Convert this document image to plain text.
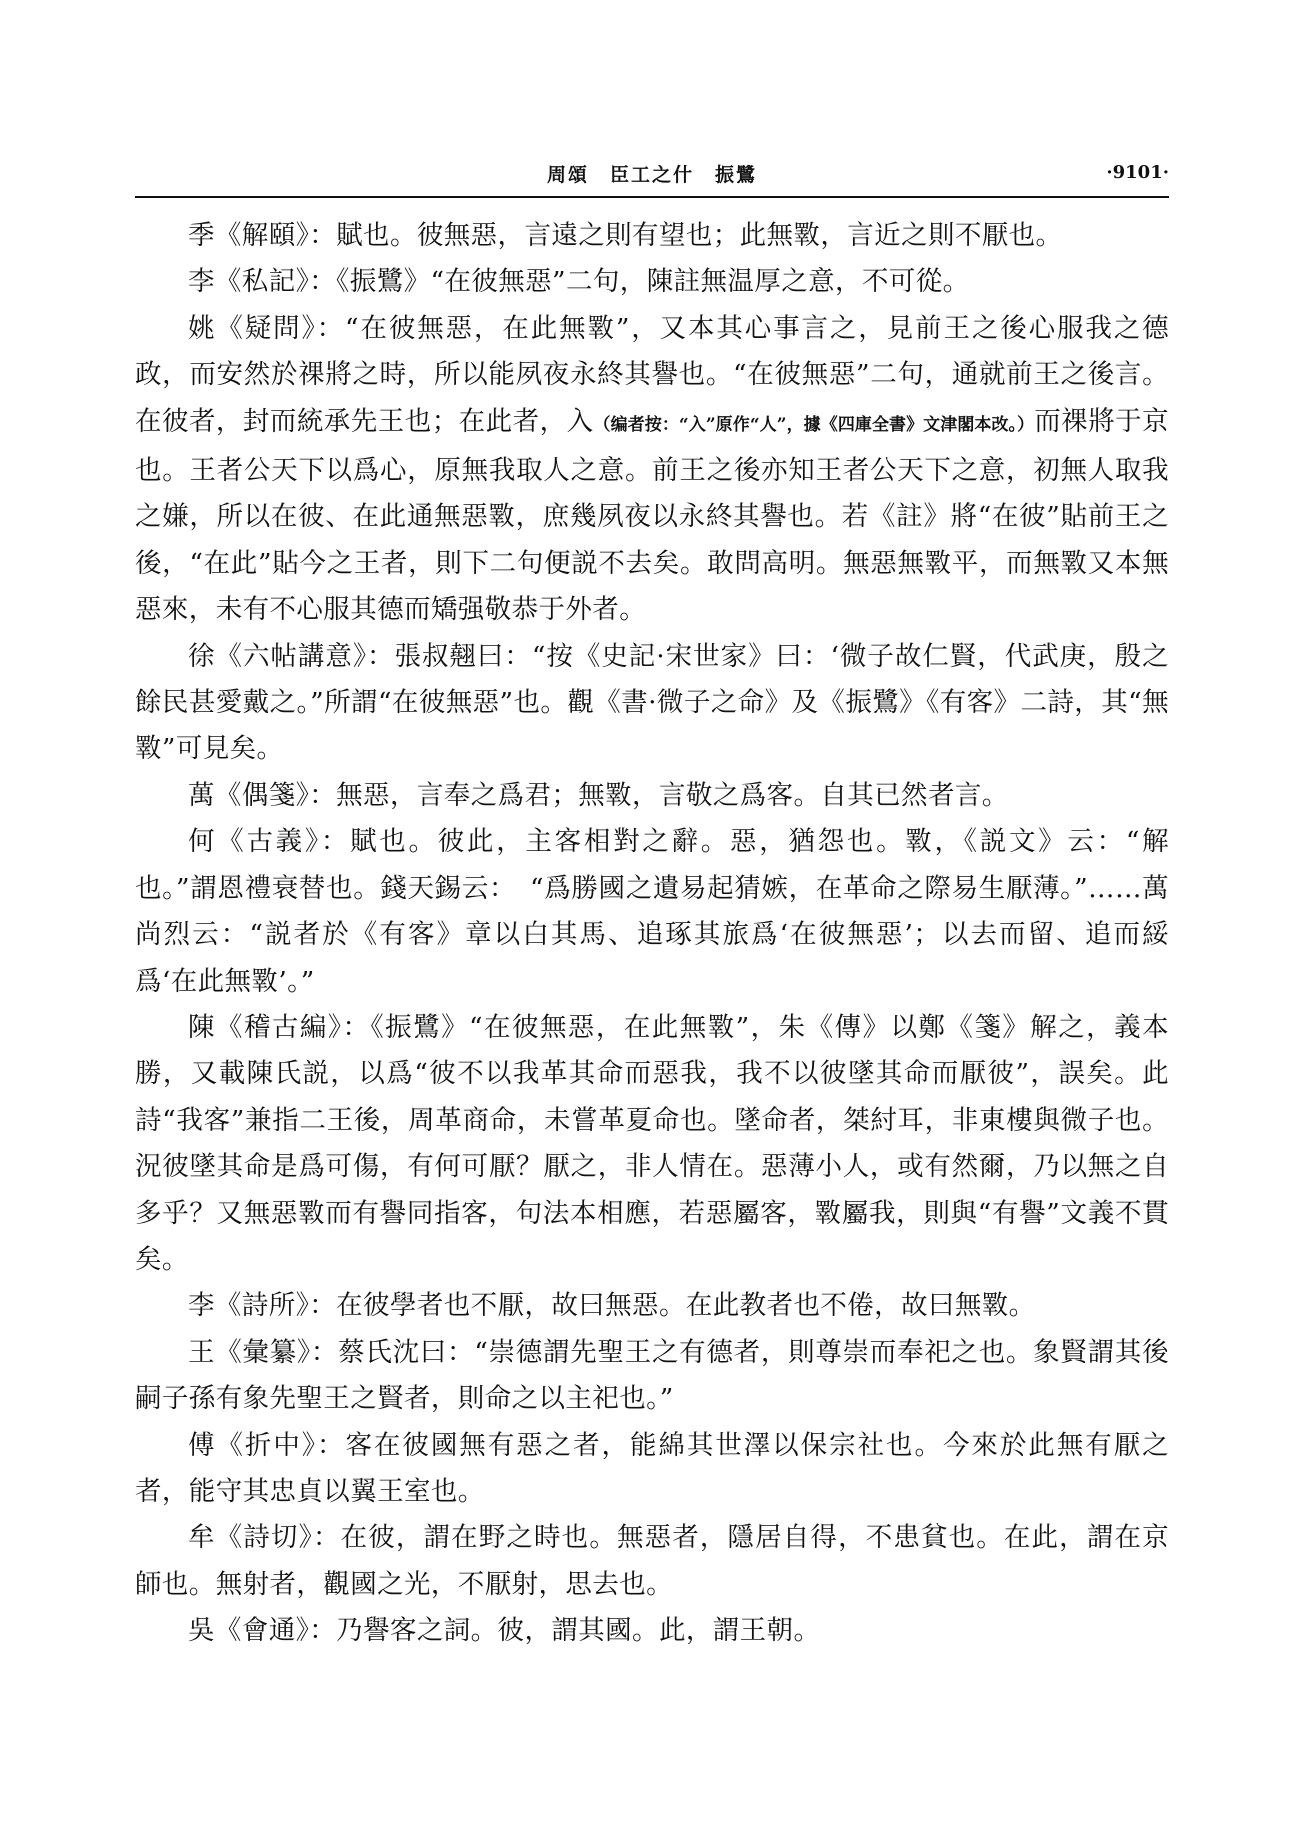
周頌　臣工之什　振鷺	·9101·

季《解頤》：賦也。彼無惡，言遠之則有望也；此無斁，言近之則不厭也。

李《私記》：《振鷺》“在彼無惡”二句，陳註無温厚之意，不可從。

姚《疑問》：“在彼無惡，在此無斁”，又本其心事言之，見前王之後心服我之德政，而安然於祼將之時，所以能夙夜永終其譽也。“在彼無惡”二句，通就前王之後言。在彼者，封而統承先王也；在此者，入（编者按：“入”原作“人”，據《四庫全書》文津閣本改。）而祼將于京也。王者公天下以爲心，原無我取人之意。前王之後亦知王者公天下之意，初無人取我之嫌，所以在彼、在此通無惡斁，庶幾夙夜以永終其譽也。若《註》將“在彼”貼前王之後，“在此”貼今之王者，則下二句便説不去矣。敢問高明。無惡無斁平，而無斁又本無惡來，未有不心服其德而矯强敬恭于外者。

徐《六帖講意》：張叔翹曰：“按《史記·宋世家》曰：‘微子故仁賢，代武庚，殷之餘民甚愛戴之。”所謂“在彼無惡”也。觀《書·微子之命》及《振鷺》《有客》二詩，其“無斁”可見矣。

萬《偶箋》：無惡，言奉之爲君；無斁，言敬之爲客。自其已然者言。

何《古義》：賦也。彼此，主客相對之辭。惡，猶怨也。斁，《説文》云：“解也。”謂恩禮衰替也。錢天錫云：　“爲勝國之遺易起猜嫉，在革命之際易生厭薄。”……萬尚烈云：“説者於《有客》章以白其馬、追琢其旅爲‘在彼無惡’；以去而留、追而綏爲‘在此無斁’。”

陳《稽古編》：《振鷺》“在彼無惡，在此無斁”，朱《傳》以鄭《箋》解之，義本勝，又載陳氏説，以爲“彼不以我革其命而惡我，我不以彼墜其命而厭彼”，誤矣。此詩“我客”兼指二王後，周革商命，未嘗革夏命也。墜命者，桀紂耳，非東樓與微子也。況彼墜其命是爲可傷，有何可厭？厭之，非人情在。惡薄小人，或有然爾，乃以無之自多乎？又無惡斁而有譽同指客，句法本相應，若惡屬客，斁屬我，則與“有譽”文義不貫矣。

李《詩所》：在彼學者也不厭，故曰無惡。在此教者也不倦，故曰無斁。

王《彙纂》：蔡氏沈曰：“崇德謂先聖王之有德者，則尊崇而奉祀之也。象賢謂其後嗣子孫有象先聖王之賢者，則命之以主祀也。”

傅《折中》：客在彼國無有惡之者，能綿其世澤以保宗社也。今來於此無有厭之者，能守其忠貞以翼王室也。

牟《詩切》：在彼，謂在野之時也。無惡者，隱居自得，不患貧也。在此，謂在京師也。無射者，觀國之光，不厭射，思去也。

吳《會通》：乃譽客之詞。彼，謂其國。此，謂王朝。
